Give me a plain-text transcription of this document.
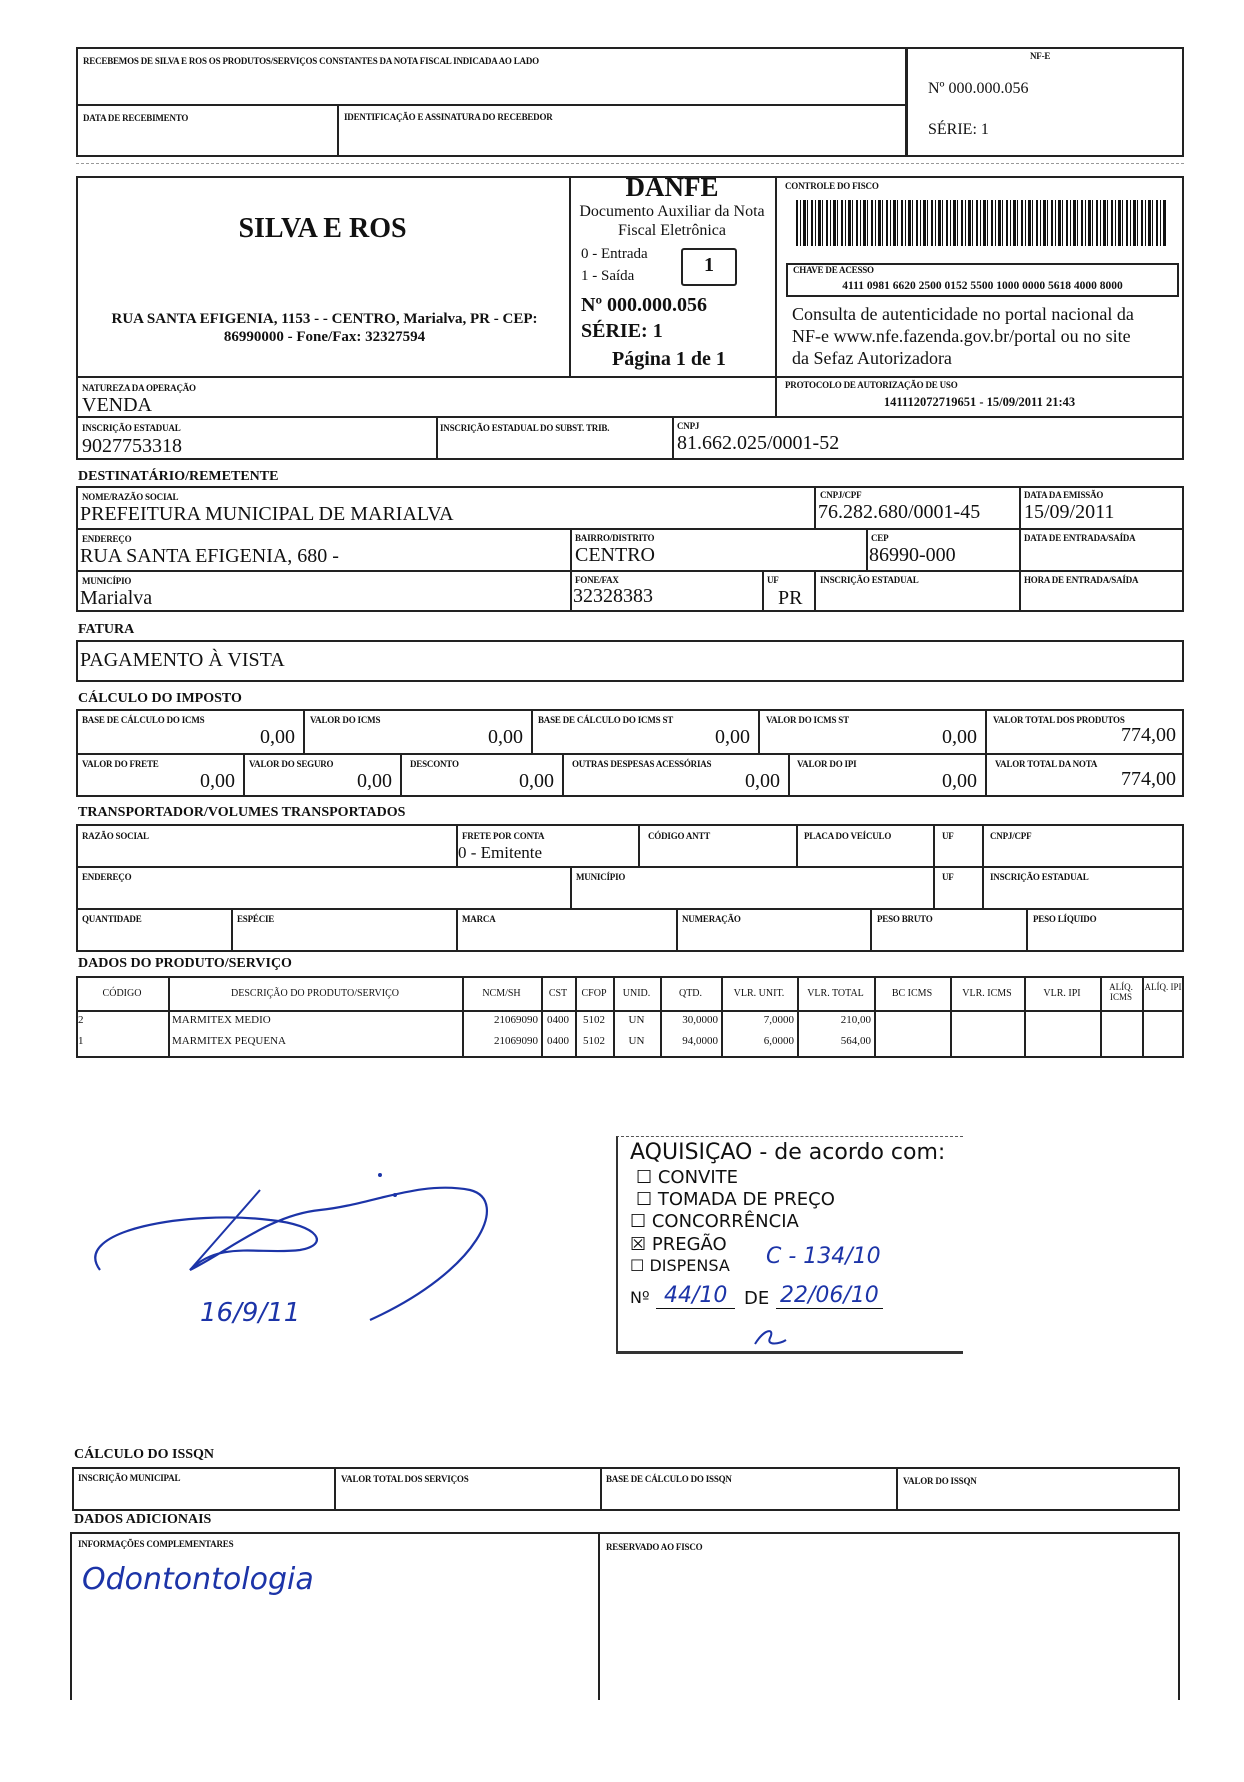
RECEBEMOS DE SILVA E ROS OS PRODUTOS/SERVIÇOS CONSTANTES DA NOTA FISCAL INDICADA AO LADO
DATA DE RECEBIMENTO	IDENTIFICAÇÃO E ASSINATURA DO RECEBEDOR
NF-E
Nº 000.000.056
SÉRIE: 1
SILVA E ROS
RUA SANTA EFIGENIA, 1153 - - CENTRO, Marialva, PR - CEP:
86990000 - Fone/Fax: 32327594
DANFE
Documento Auxiliar da Nota
Fiscal Eletrônica
0 - Entrada
1 - Saída	1
Nº 000.000.056
SÉRIE: 1
Página 1 de 1
CONTROLE DO FISCO
CHAVE DE ACESSO
4111 0981 6620 2500 0152 5500 1000 0000 5618 4000 8000
Consulta de autenticidade no portal nacional da
NF-e www.nfe.fazenda.gov.br/portal ou no site
da Sefaz Autorizadora
NATUREZA DA OPERAÇÃO
VENDA
PROTOCOLO DE AUTORIZAÇÃO DE USO
141112072719651 - 15/09/2011 21:43
INSCRIÇÃO ESTADUAL
9027753318
INSCRIÇÃO ESTADUAL DO SUBST. TRIB.	CNPJ
81.662.025/0001-52
DESTINATÁRIO/REMETENTE
NOME/RAZÃO SOCIAL
PREFEITURA MUNICIPAL DE MARIALVA
CNPJ/CPF
76.282.680/0001-45
DATA DA EMISSÃO
15/09/2011
ENDEREÇO
RUA SANTA EFIGENIA, 680 -
BAIRRO/DISTRITO
CENTRO
CEP
86990-000
DATA DE ENTRADA/SAÍDA
MUNICÍPIO
Marialva
FONE/FAX
32328383
UF
PR
INSCRIÇÃO ESTADUAL	HORA DE ENTRADA/SAÍDA
FATURA
PAGAMENTO À VISTA
CÁLCULO DO IMPOSTO
BASE DE CÁLCULO DO ICMS
0,00
VALOR DO ICMS
0,00
BASE DE CÁLCULO DO ICMS ST
0,00
VALOR DO ICMS ST
0,00
VALOR TOTAL DOS PRODUTOS
774,00
VALOR DO FRETE
0,00
VALOR DO SEGURO
0,00
DESCONTO
0,00
OUTRAS DESPESAS ACESSÓRIAS
0,00
VALOR DO IPI
0,00
VALOR TOTAL DA NOTA
774,00
TRANSPORTADOR/VOLUMES TRANSPORTADOS
RAZÃO SOCIAL	FRETE POR CONTA
0 - Emitente
CÓDIGO ANTT	PLACA DO VEÍCULO	UF	CNPJ/CPF
ENDEREÇO	MUNICÍPIO	UF	INSCRIÇÃO ESTADUAL
QUANTIDADE	ESPÉCIE	MARCA	NUMERAÇÃO	PESO BRUTO	PESO LÍQUIDO
DADOS DO PRODUTO/SERVIÇO
CÓDIGO	DESCRIÇÃO DO PRODUTO/SERVIÇO	NCM/SH	CST	CFOP	UNID.	QTD.	VLR. UNIT.	VLR. TOTAL	BC ICMS	VLR. ICMS	VLR. IPI
ALÍQ. ICMS
ALÍQ. IPI
2	MARMITEX MEDIO	21069090 0400	5102	UN	30,0000	7,0000	210,00
1	MARMITEX PEQUENA	21069090 0400	5102	UN	94,0000	6,0000	564,00
16/9/11
AQUISIÇAO - de acordo com:
☐ CONVITE
☐ TOMADA DE PREÇO
☐ CONCORRÊNCIA
☒ PREGÃO
☐ DISPENSA C - 134/10
Nº 44/10 DE 22/06/10
CÁLCULO DO ISSQN
INSCRIÇÃO MUNICIPAL	VALOR TOTAL DOS SERVIÇOS	BASE DE CÁLCULO DO ISSQN	VALOR DO ISSQN
DADOS ADICIONAIS
INFORMAÇÕES COMPLEMENTARES	RESERVADO AO FISCO
Odontontologia
